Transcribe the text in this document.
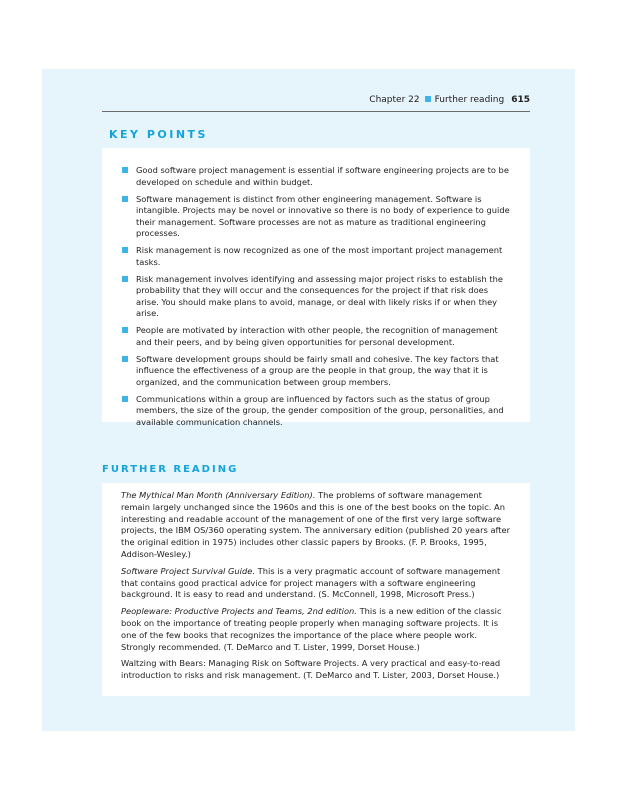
Chapter 22 Further reading 615
KEY POINTS
Good software project management is essential if software engineering projects are to be developed on schedule and within budget.
Software management is distinct from other engineering management. Software is intangible. Projects may be novel or innovative so there is no body of experience to guide their management. Software processes are not as mature as traditional engineering processes.
Risk management is now recognized as one of the most important project management tasks.
Risk management involves identifying and assessing major project risks to establish the probability that they will occur and the consequences for the project if that risk does arise. You should make plans to avoid, manage, or deal with likely risks if or when they arise.
People are motivated by interaction with other people, the recognition of management and their peers, and by being given opportunities for personal development.
Software development groups should be fairly small and cohesive. The key factors that influence the effectiveness of a group are the people in that group, the way that it is organized, and the communication between group members.
Communications within a group are influenced by factors such as the status of group members, the size of the group, the gender composition of the group, personalities, and available communication channels.
FURTHER READING

The Mythical Man Month (Anniversary Edition). The problems of software management remain largely unchanged since the 1960s and this is one of the best books on the topic. An interesting and readable account of the management of one of the first very large software projects, the IBM OS/360 operating system. The anniversary edition (published 20 years after the original edition in 1975) includes other classic papers by Brooks. (F. P. Brooks, 1995, Addison-Wesley.)

Software Project Survival Guide. This is a very pragmatic account of software management that contains good practical advice for project managers with a software engineering background. It is easy to read and understand. (S. McConnell, 1998, Microsoft Press.)

Peopleware: Productive Projects and Teams, 2nd edition. This is a new edition of the classic book on the importance of treating people properly when managing software projects. It is one of the few books that recognizes the importance of the place where people work. Strongly recommended. (T. DeMarco and T. Lister, 1999, Dorset House.)

Waltzing with Bears: Managing Risk on Software Projects. A very practical and easy-to-read introduction to risks and risk management. (T. DeMarco and T. Lister, 2003, Dorset House.)
